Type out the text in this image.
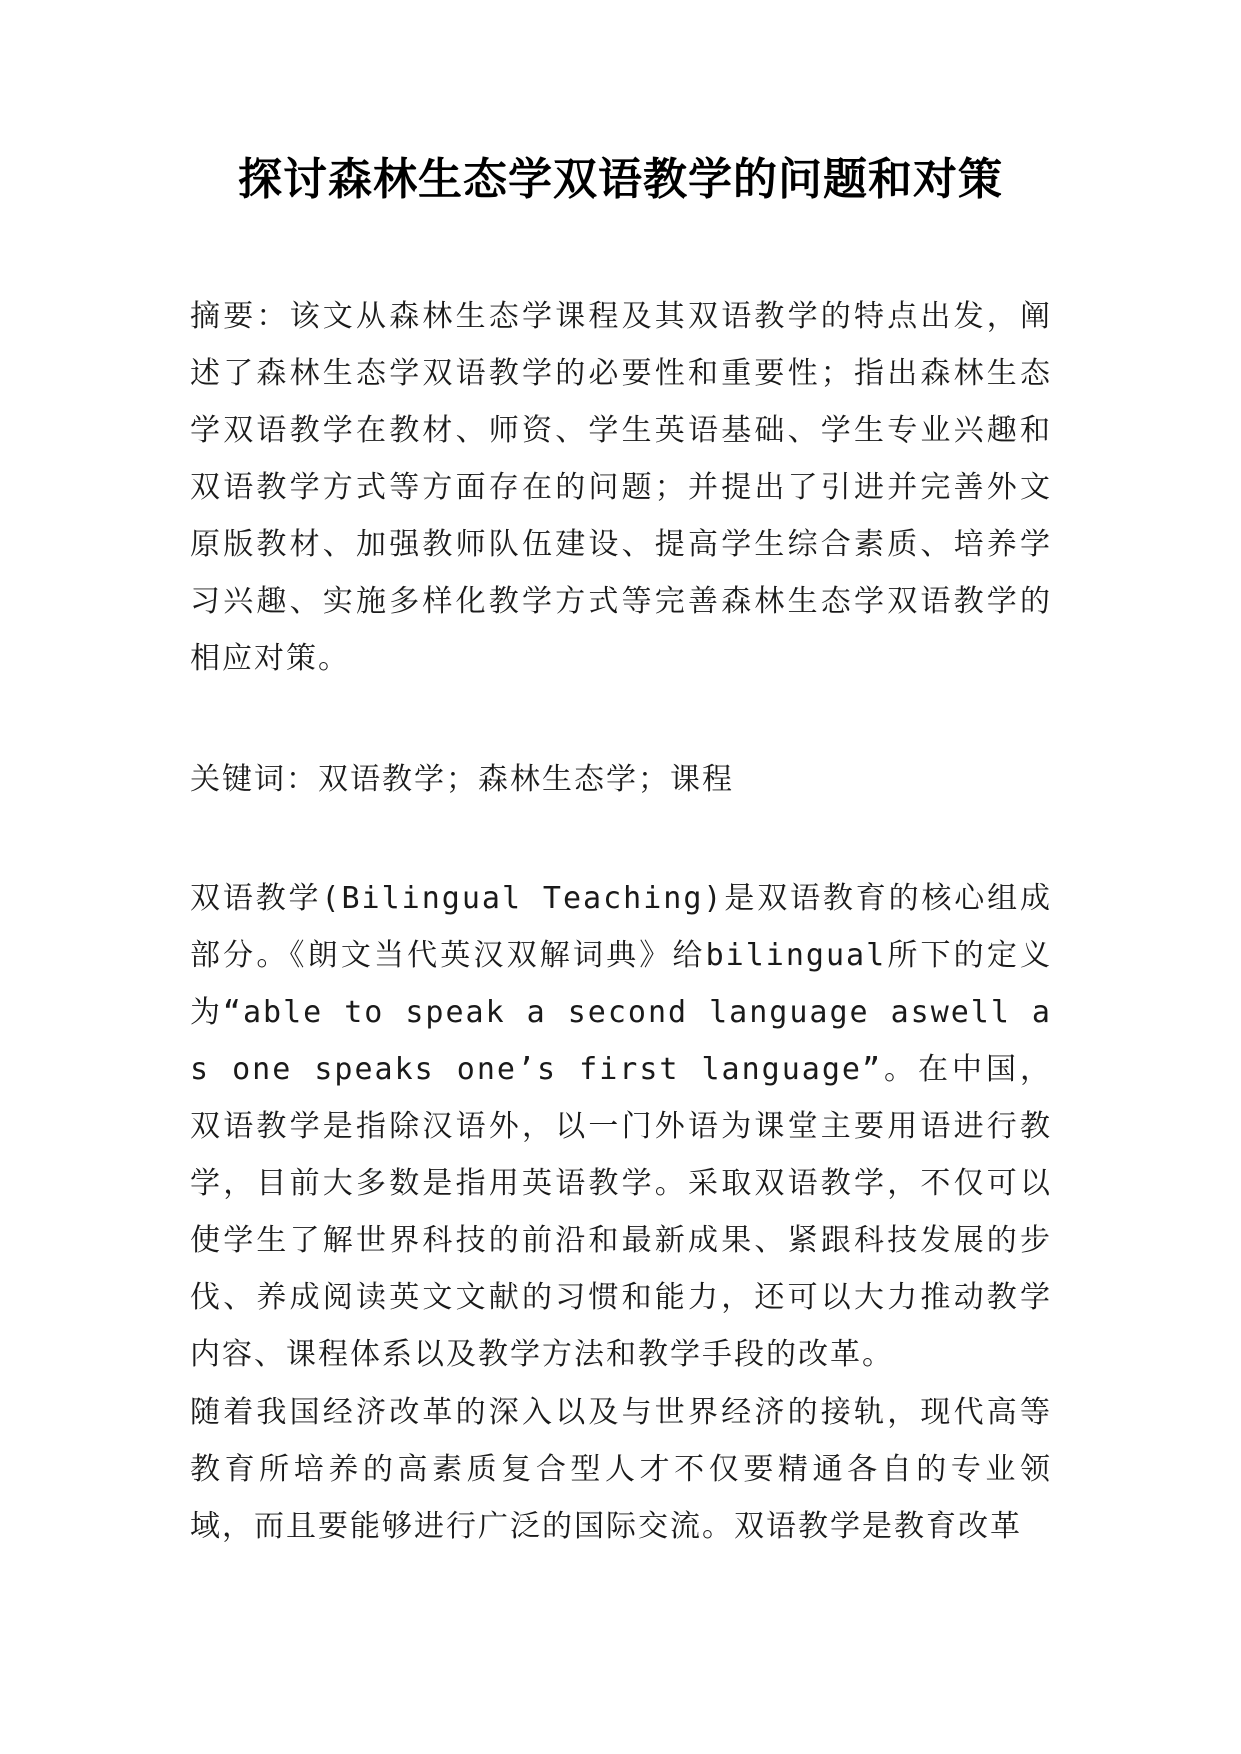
探讨森林生态学双语教学的问题和对策
摘要：该文从森林生态学课程及其双语教学的特点出发，阐述了森林生态学双语教学的必要性和重要性；指出森林生态学双语教学在教材、师资、学生英语基础、学生专业兴趣和双语教学方式等方面存在的问题；并提出了引进并完善外文原版教材、加强教师队伍建设、提高学生综合素质、培养学习兴趣、实施多样化教学方式等完善森林生态学双语教学的相应对策。
关键词：双语教学；森林生态学；课程
双语教学(Bilingual Teaching)是双语教育的核心组成部分。《朗文当代英汉双解词典》给bilingual所下的定义为“able to speak a second language aswell as one speaks one’s first language”。在中国，双语教学是指除汉语外，以一门外语为课堂主要用语进行教学，目前大多数是指用英语教学。采取双语教学，不仅可以使学生了解世界科技的前沿和最新成果、紧跟科技发展的步伐、养成阅读英文文献的习惯和能力，还可以大力推动教学内容、课程体系以及教学方法和教学手段的改革。
随着我国经济改革的深入以及与世界经济的接轨，现代高等教育所培养的高素质复合型人才不仅要精通各自的专业领域，而且要能够进行广泛的国际交流。双语教学是教育改革
